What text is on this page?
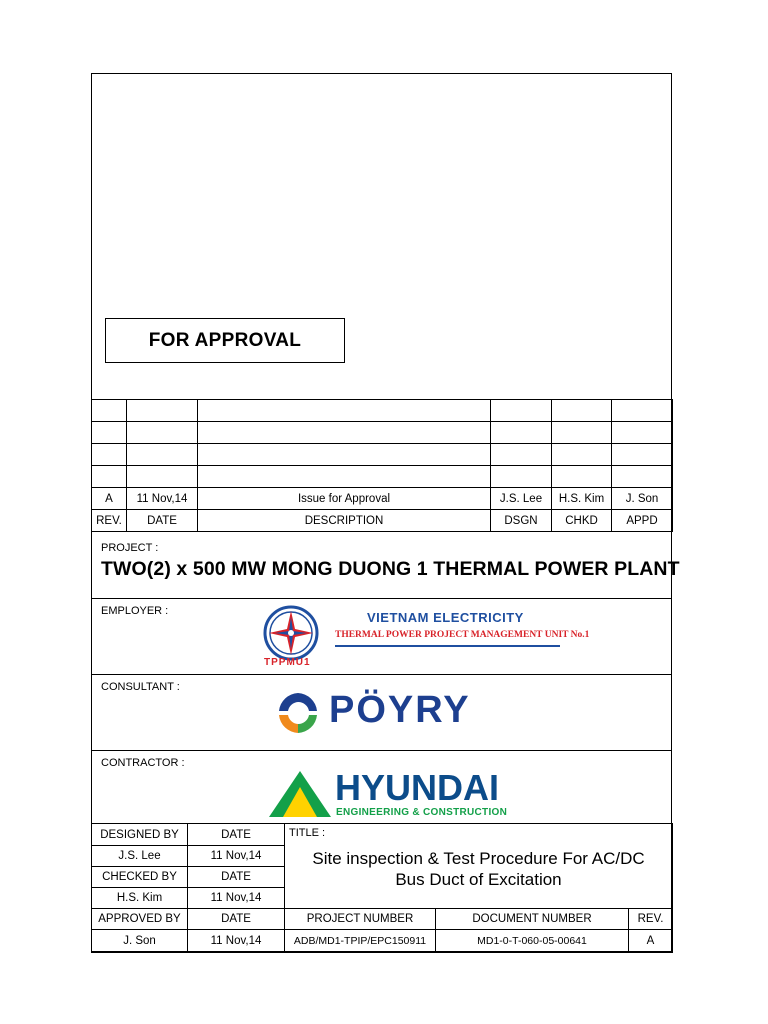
FOR APPROVAL

A	11 Nov,14	Issue for Approval	J.S. Lee	H.S. Kim	J. Son
REV.	DATE	DESCRIPTION	DSGN	CHKD	APPD
PROJECT :
TWO(2) x 500 MW MONG DUONG 1 THERMAL POWER PLANT
EMPLOYER :
TPPMU1
VIETNAM ELECTRICITY
THERMAL POWER PROJECT MANAGEMENT UNIT No.1
CONSULTANT :
PÖYRY
CONTRACTOR :
HYUNDAI
ENGINEERING & CONSTRUCTION
DESIGNED BY	DATE	TITLE :
Site inspection & Test Procedure For AC/DC
Bus Duct of Excitation		

J.S. Lee	11 Nov,14			
CHECKED BY	DATE			
H.S. Kim	11 Nov,14			
APPROVED BY	DATE	PROJECT NUMBER	DOCUMENT NUMBER	REV.
J. Son	11 Nov,14	ADB/MD1-TPIP/EPC150911	MD1-0-T-060-05-00641	A
